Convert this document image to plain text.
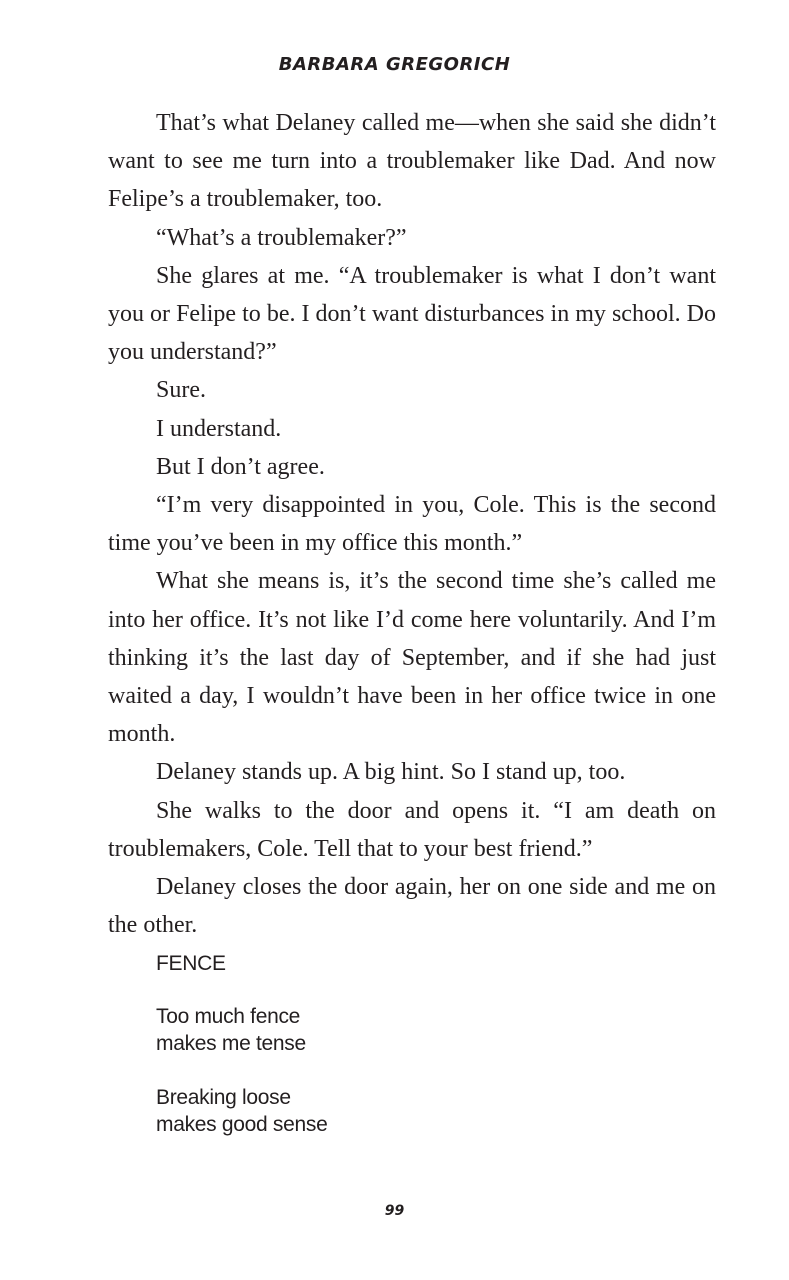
BARBARA GREGORICH

That’s what Delaney called me—when she said she didn’t want to see me turn into a troublemaker like Dad. And now Felipe’s a troublemaker, too.

“What’s a troublemaker?”

She glares at me. “A troublemaker is what I don’t want you or Felipe to be. I don’t want disturbances in my school. Do you understand?”

Sure.

I understand.

But I don’t agree.

“I’m very disappointed in you, Cole. This is the second time you’ve been in my office this month.”

What she means is, it’s the second time she’s called me into her office. It’s not like I’d come here voluntarily. And I’m thinking it’s the last day of September, and if she had just waited a day, I wouldn’t have been in her office twice in one month.

Delaney stands up. A big hint. So I stand up, too.

She walks to the door and opens it. “I am death on troublemakers, Cole. Tell that to your best friend.”

Delaney closes the door again, her on one side and me on the other.

FENCE
Too much fence
makes me tense
Breaking loose
makes good sense
99
